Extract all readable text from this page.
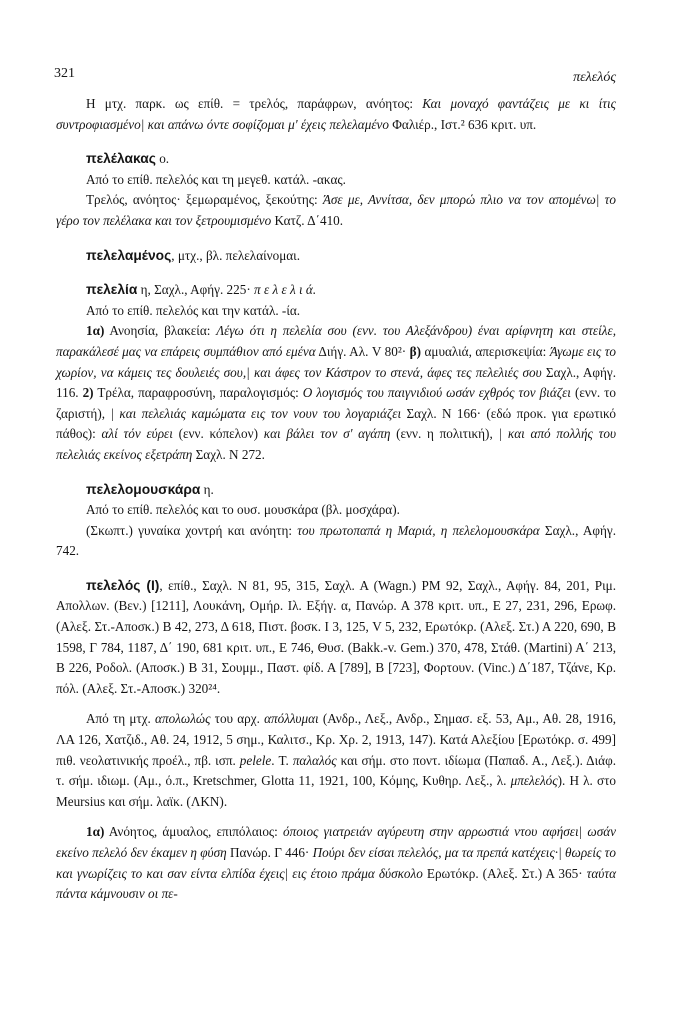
321	πελελός

Η μτχ. παρκ. ως επίθ. = τρελός, παράφρων, ανόητος: Και μοναχό φαντάζεις με κι ίτις συντροφιασμένο| και απάνω όντε σοφίζομαι μ' έχεις πελελαμένο Φαλιέρ., Ιστ.² 636 κριτ. υπ.

πελέλακας ο.

Από το επίθ. πελελός και τη μεγεθ. κατάλ. -ακας.

Τρελός, ανόητος· ξεμωραμένος, ξεκούτης: Άσε με, Αννίτσα, δεν μπορώ πλιο να τον απομένω| το γέρο τον πελέλακα και τον ξετρουμισμένο Κατζ. Δ΄410.

πελελαμένος, μτχ., βλ. πελελαίνομαι.

πελελία η, Σαχλ., Αφήγ. 225· π ε λ ε λ ι ά.

Από το επίθ. πελελός και την κατάλ. -ία.

1α) Ανοησία, βλακεία: Λέγω ότι η πελελία σου (ενν. του Αλεξάνδρου) έναι αρίφνητη και στείλε, παρακάλεσέ μας να επάρεις συμπάθιον από εμένα Διήγ. Αλ. V 80²· β) αμυαλιά, απερισκεψία: Άγωμε εις το χωρίον, να κάμεις τες δουλειές σου,| και άφες τον Κάστρον το στενά, άφες τες πελελιές σου Σαχλ., Αφήγ. 116. 2) Τρέλα, παραφροσύνη, παραλογισμός: Ο λογισμός του παιγνιδιού ωσάν εχθρός τον βιάζει (ενν. το ζαριστή), | και πελελιάς καμώματα εις τον νουν του λογαριάζει Σαχλ. Ν 166· (εδώ προκ. για ερωτικό πάθος): αλί τόν εύρει (ενν. κόπελον) και βάλει τον σ' αγάπη (ενν. η πολιτική), | και από πολλής του πελελιάς εκείνος εξετράπη Σαχλ. Ν 272.

πελελομουσκάρα η.

Από το επίθ. πελελός και το ουσ. μουσκάρα (βλ. μοσχάρα).

(Σκωπτ.) γυναίκα χοντρή και ανόητη: του πρωτοπαπά η Μαριά, η πελελομουσκάρα Σαχλ., Αφήγ. 742.

πελελός (Ι), επίθ., Σαχλ. Ν 81, 95, 315, Σαχλ. Α (Wagn.) ΡΜ 92, Σαχλ., Αφήγ. 84, 201, Ριμ. Απολλων. (Βεν.) [1211], Λουκάνη, Ομήρ. Ιλ. Εξήγ. α, Πανώρ. Α 378 κριτ. υπ., Ε 27, 231, 296, Ερωφ. (Αλεξ. Στ.-Αποσκ.) Β 42, 273, Δ 618, Πιστ. βοσκ. Ι 3, 125, V 5, 232, Ερωτόκρ. (Αλεξ. Στ.) Α 220, 690, Β 1598, Γ 784, 1187, Δ΄ 190, 681 κριτ. υπ., Ε 746, Θυσ. (Bakk.-v. Gem.) 370, 478, Στάθ. (Martini) Α΄ 213, Β 226, Ροδολ. (Αποσκ.) Β 31, Σουμμ., Παστ. φίδ. Α [789], Β [723], Φορτουν. (Vinc.) Δ΄187, Τζάνε, Κρ. πόλ. (Αλεξ. Στ.-Αποσκ.) 320²⁴.

Από τη μτχ. απολωλώς του αρχ. απόλλυμαι (Ανδρ., Λεξ., Ανδρ., Σημασ. εξ. 53, Αμ., Αθ. 28, 1916, ΛΑ 126, Χατζιδ., Αθ. 24, 1912, 5 σημ., Καλιτσ., Κρ. Χρ. 2, 1913, 147). Κατά Αλεξίου [Ερωτόκρ. σ. 499] πιθ. νεολατινικής προέλ., πβ. ισπ. pelele. Τ. παλαλός και σήμ. στο ποντ. ιδίωμα (Παπαδ. Α., Λεξ.). Διάφ. τ. σήμ. ιδιωμ. (Αμ., ό.π., Kretschmer, Glotta 11, 1921, 100, Κόμης, Κυθηρ. Λεξ., λ. μπελελός). Η λ. στο Meursius και σήμ. λαϊκ. (ΛΚΝ).

1α) Ανόητος, άμυαλος, επιπόλαιος: όποιος γιατρειάν αγύρευτη στην αρρωστιά ντου αφήσει| ωσάν εκείνο πελελό δεν έκαμεν η φύση Πανώρ. Γ 446· Πούρι δεν είσαι πελελός, μα τα πρεπά κατέχεις·| θωρείς το και γνωρίζεις το και σαν είντα ελπίδα έχεις| εις έτοιο πράμα δύσκολο Ερωτόκρ. (Αλεξ. Στ.) Α 365· ταύτα πάντα κάμνουσιν οι πε-
